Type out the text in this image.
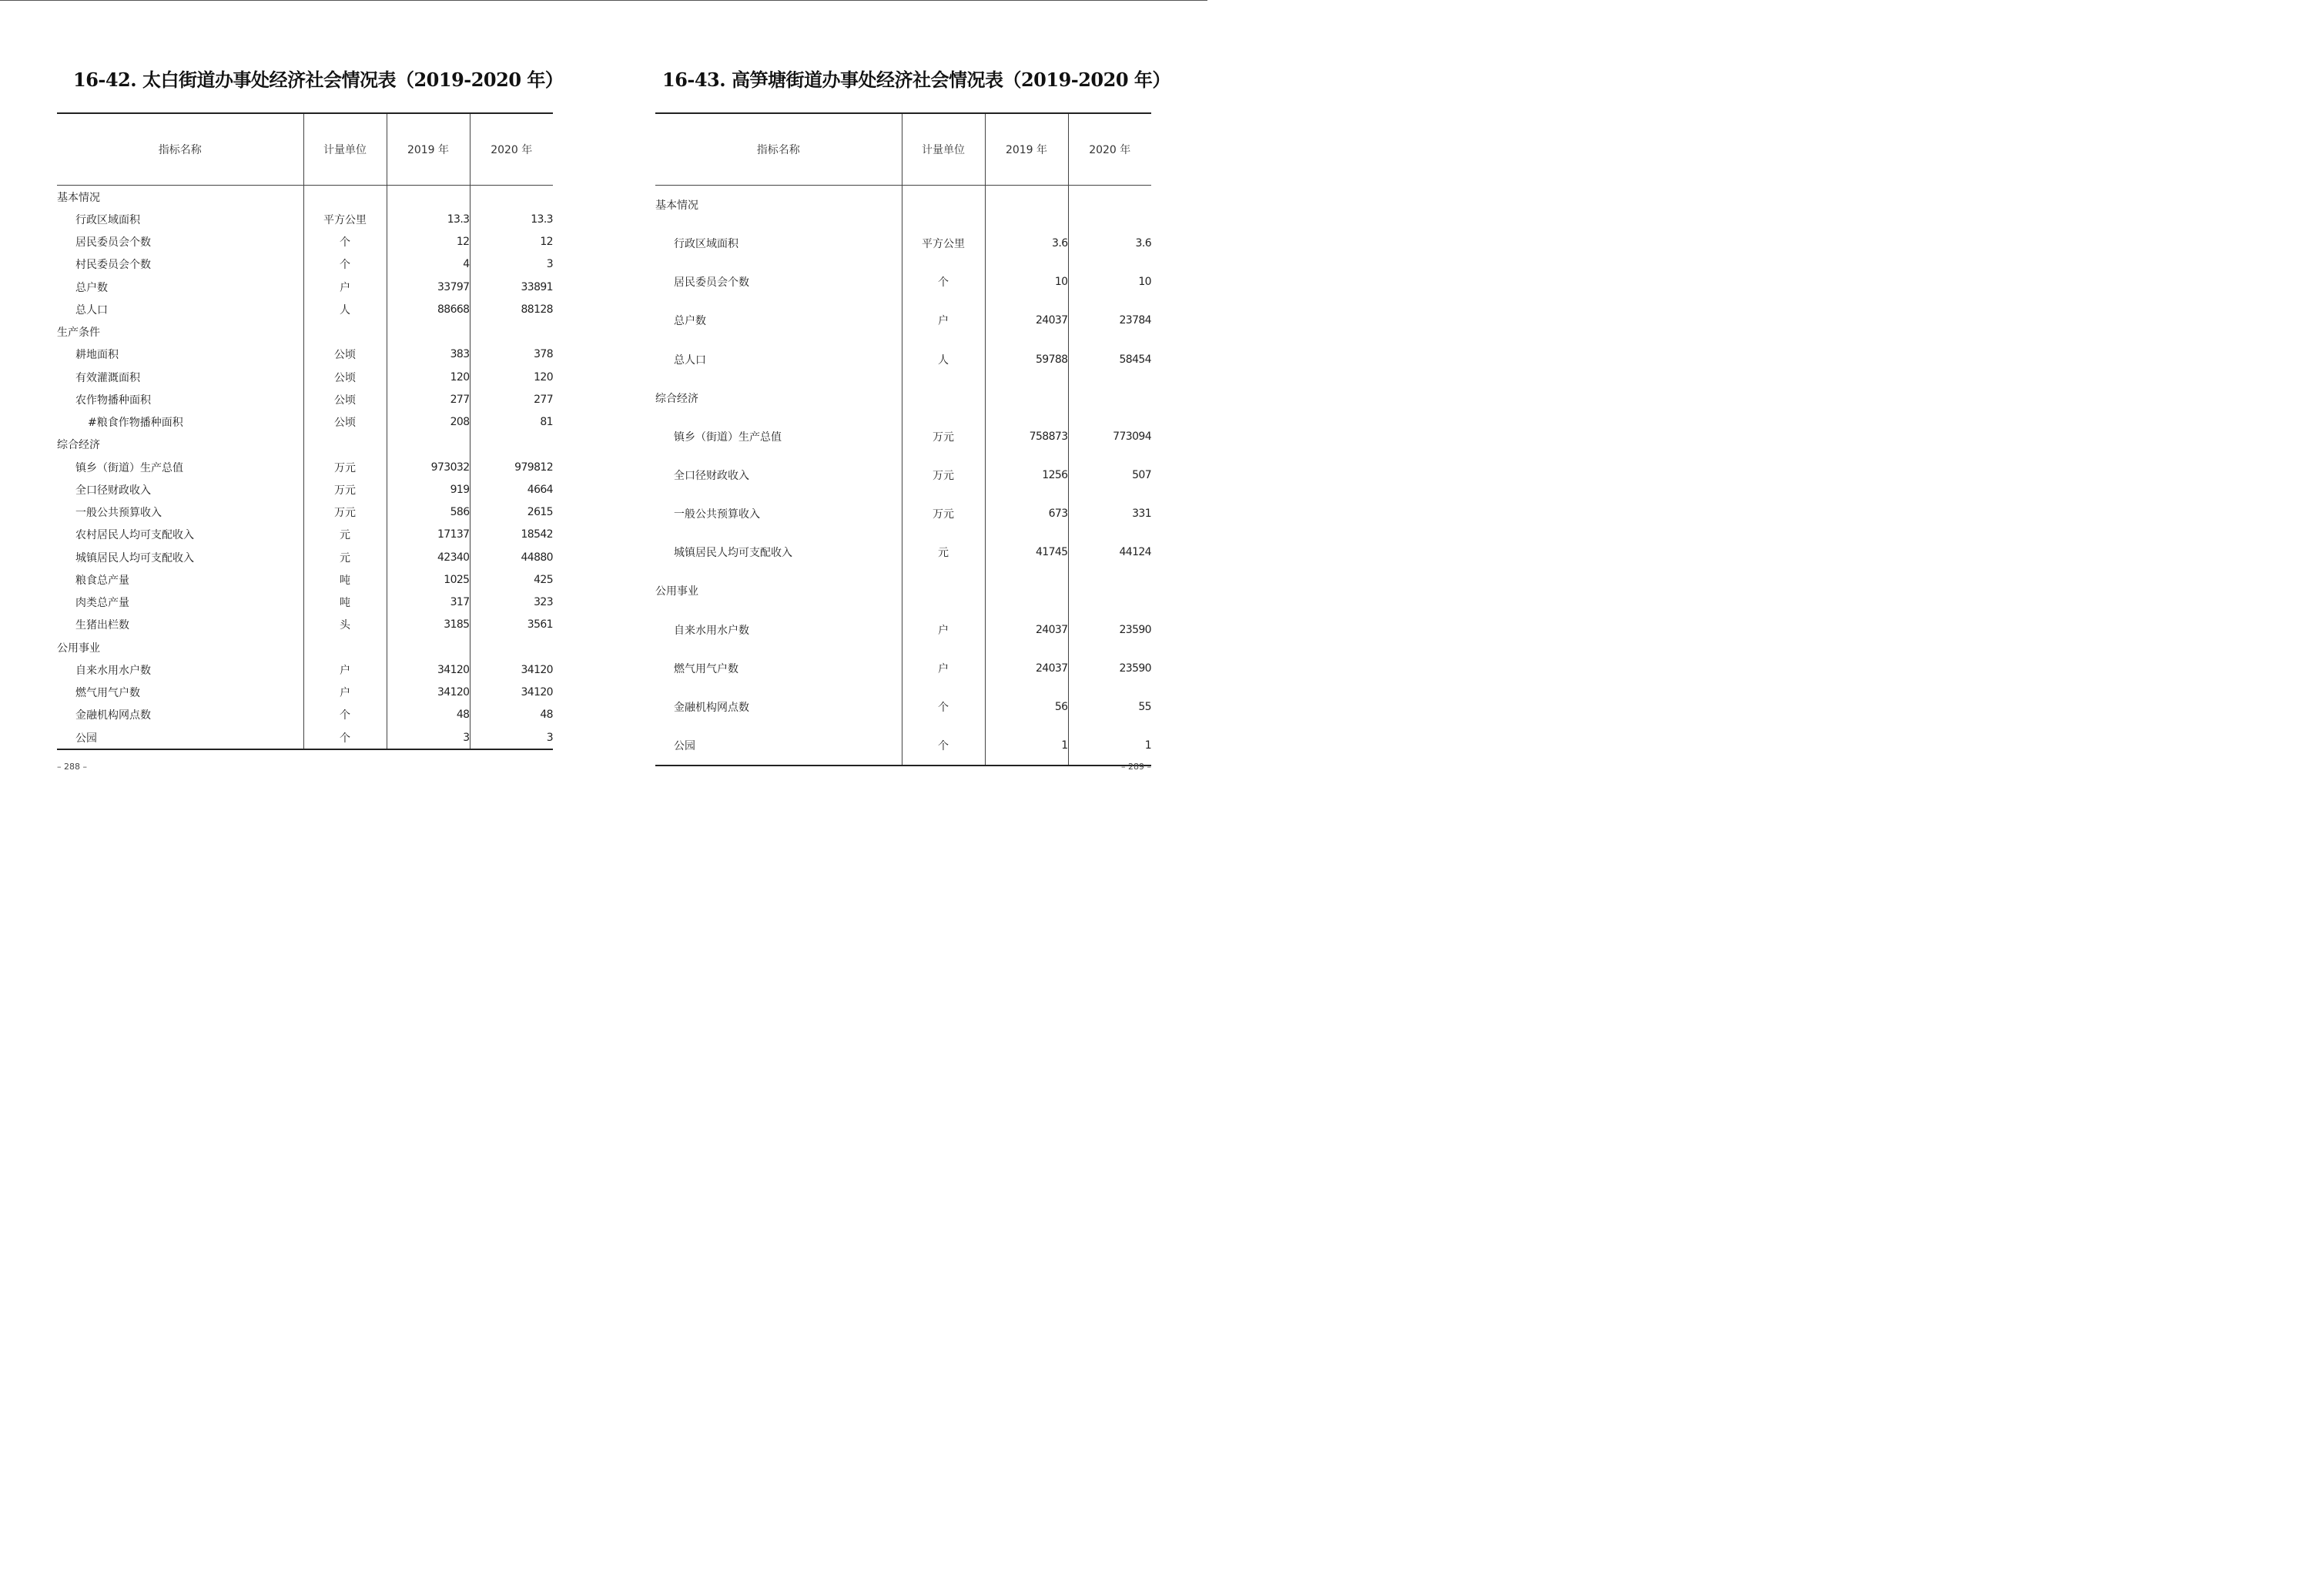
16-42. 太白街道办事处经济社会情况表（2019-2020 年）
指标名称	计量单位	2019 年	2020 年
基本情况			
行政区域面积	平方公里	13.3	13.3
居民委员会个数	个	12	12
村民委员会个数	个	4	3
总户数	户	33797	33891
总人口	人	88668	88128
生产条件			
耕地面积	公顷	383	378
有效灌溉面积	公顷	120	120
农作物播种面积	公顷	277	277
#粮食作物播种面积	公顷	208	81
综合经济			
镇乡（街道）生产总值	万元	973032	979812
全口径财政收入	万元	919	4664
一般公共预算收入	万元	586	2615
农村居民人均可支配收入	元	17137	18542
城镇居民人均可支配收入	元	42340	44880
粮食总产量	吨	1025	425
肉类总产量	吨	317	323
生猪出栏数	头	3185	3561
公用事业			
自来水用水户数	户	34120	34120
燃气用气户数	户	34120	34120
金融机构网点数	个	48	48
公园	个	3	3
– 288 –
16-43. 高笋塘街道办事处经济社会情况表（2019-2020 年）
指标名称	计量单位	2019 年	2020 年
基本情况			
行政区域面积	平方公里	3.6	3.6
居民委员会个数	个	10	10
总户数	户	24037	23784
总人口	人	59788	58454
综合经济			
镇乡（街道）生产总值	万元	758873	773094
全口径财政收入	万元	1256	507
一般公共预算收入	万元	673	331
城镇居民人均可支配收入	元	41745	44124
公用事业			
自来水用水户数	户	24037	23590
燃气用气户数	户	24037	23590
金融机构网点数	个	56	55
公园	个	1	1
– 289 –
